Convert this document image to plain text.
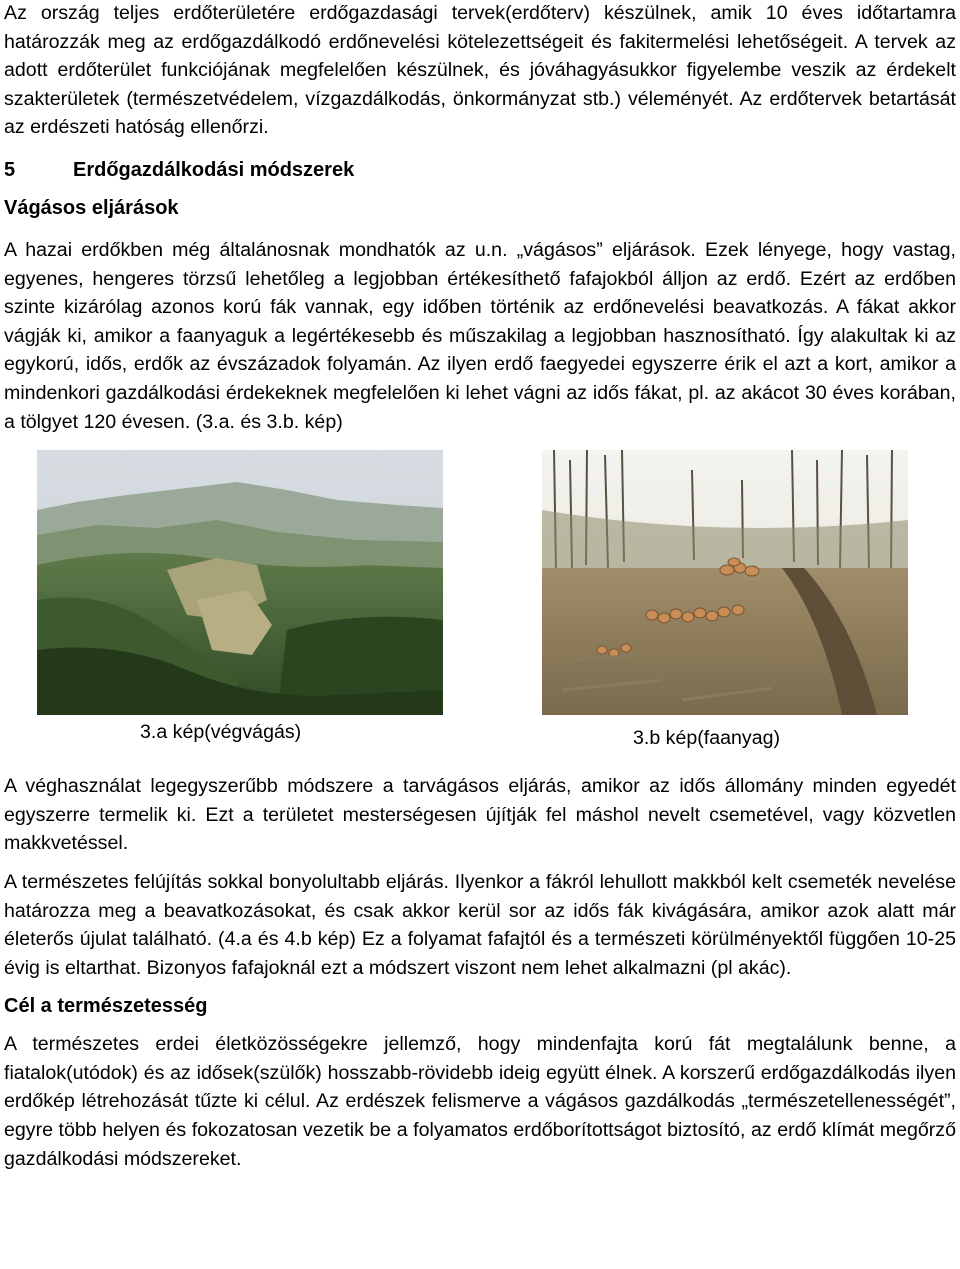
Az ország teljes erdőterületére erdőgazdasági tervek(erdőterv) készülnek, amik 10 éves időtartamra határozzák meg az erdőgazdálkodó erdőnevelési kötelezettségeit és fakitermelési lehetőségeit. A tervek az adott erdőterület funkciójának megfelelően készülnek, és jóváhagyásukkor figyelembe veszik az érdekelt szakterületek (természetvédelem, vízgazdálkodás, önkormányzat stb.) véleményét. Az erdőtervek betartását az erdészeti hatóság ellenőrzi.

5	Erdőgazdálkodási módszerek
Vágásos eljárások

A hazai erdőkben még általánosnak mondhatók az u.n. „vágásos” eljárások. Ezek lényege, hogy vastag, egyenes, hengeres törzsű lehetőleg a legjobban értékesíthető fafajokból álljon az erdő. Ezért az erdőben szinte kizárólag azonos korú fák vannak, egy időben történik az erdőnevelési beavatkozás. A fákat akkor vágják ki, amikor a faanyaguk a legértékesebb és műszakilag a legjobban hasznosítható. Így alakultak ki az egykorú, idős, erdők az évszázadok folyamán. Az ilyen erdő faegyedei egyszerre érik el azt a kort, amikor a mindenkori gazdálkodási érdekeknek megfelelően ki lehet vágni az idős fákat, pl. az akácot 30 éves korában, a tölgyet 120 évesen. (3.a. és 3.b. kép)

3.a kép(végvágás)	3.b kép(faanyag)

A véghasználat legegyszerűbb módszere a tarvágásos eljárás, amikor az idős állomány minden egyedét egyszerre termelik ki. Ezt a területet mesterségesen újítják fel máshol nevelt csemetével, vagy közvetlen makkvetéssel.

A természetes felújítás sokkal bonyolultabb eljárás. Ilyenkor a fákról lehullott makkból kelt csemeték nevelése határozza meg a beavatkozásokat, és csak akkor kerül sor az idős fák kivágására, amikor azok alatt már életerős újulat található. (4.a és 4.b kép) Ez a folyamat fafajtól és a természeti körülményektől függően 10-25 évig is eltarthat. Bizonyos fafajoknál ezt a módszert viszont nem lehet alkalmazni (pl akác).

Cél a természetesség

A természetes erdei életközösségekre jellemző, hogy mindenfajta korú fát megtalálunk benne, a fiatalok(utódok) és az idősek(szülők) hosszabb-rövidebb ideig együtt élnek. A korszerű erdőgazdálkodás ilyen erdőkép létrehozását tűzte ki célul. Az erdészek felismerve a vágásos gazdálkodás „természetellenességét”, egyre több helyen és fokozatosan vezetik be a folyamatos erdőborítottságot biztosító, az erdő klímát megőrző gazdálkodási módszereket.
